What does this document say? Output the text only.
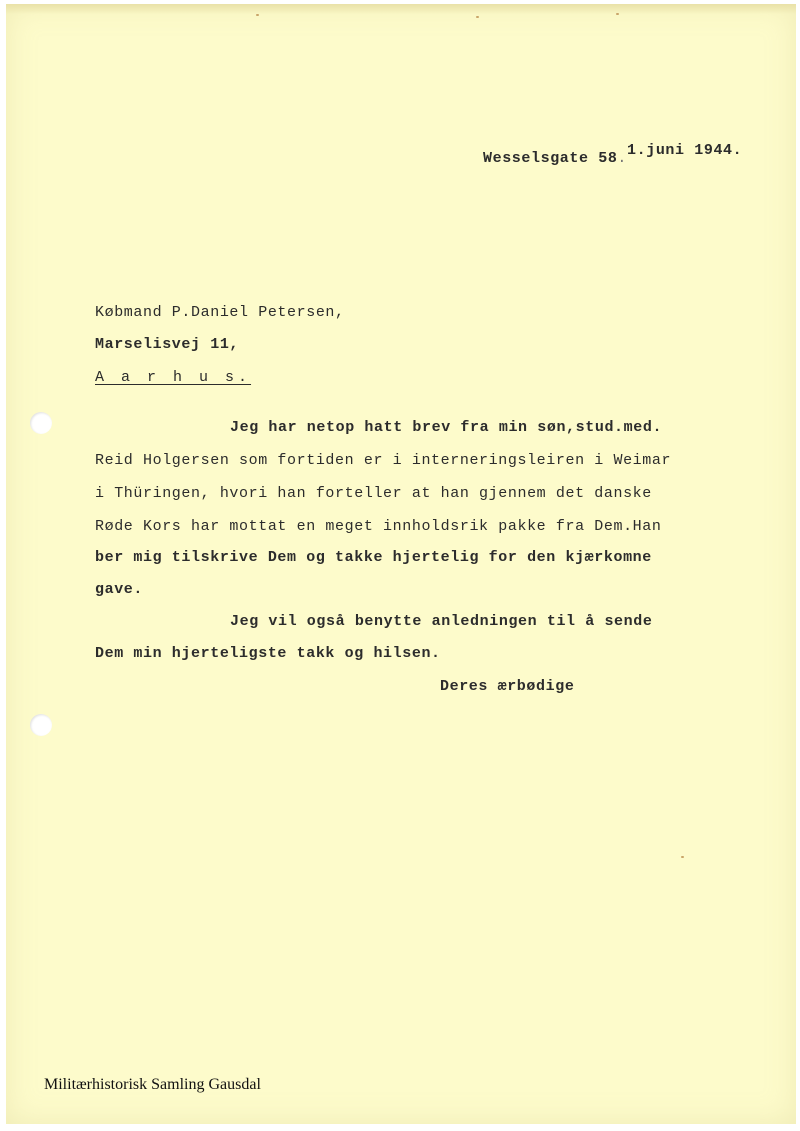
Wesselsgate 58.1.juni 1944.
Købmand P.Daniel Petersen,
Marselisvej 11,
A a r h u s.
Jeg har netop hatt brev fra min søn,stud.med.
Reid Holgersen som fortiden er i interneringsleiren i Weimar
i Thüringen, hvori han forteller at han gjennem det danske
Røde Kors har mottat en meget innholdsrik pakke fra Dem.Han
ber mig tilskrive Dem og takke hjertelig for den kjærkomne
gave.
Jeg vil også benytte anledningen til å sende
Dem min hjerteligste takk og hilsen.
Deres ærbødige
Militærhistorisk Samling Gausdal
